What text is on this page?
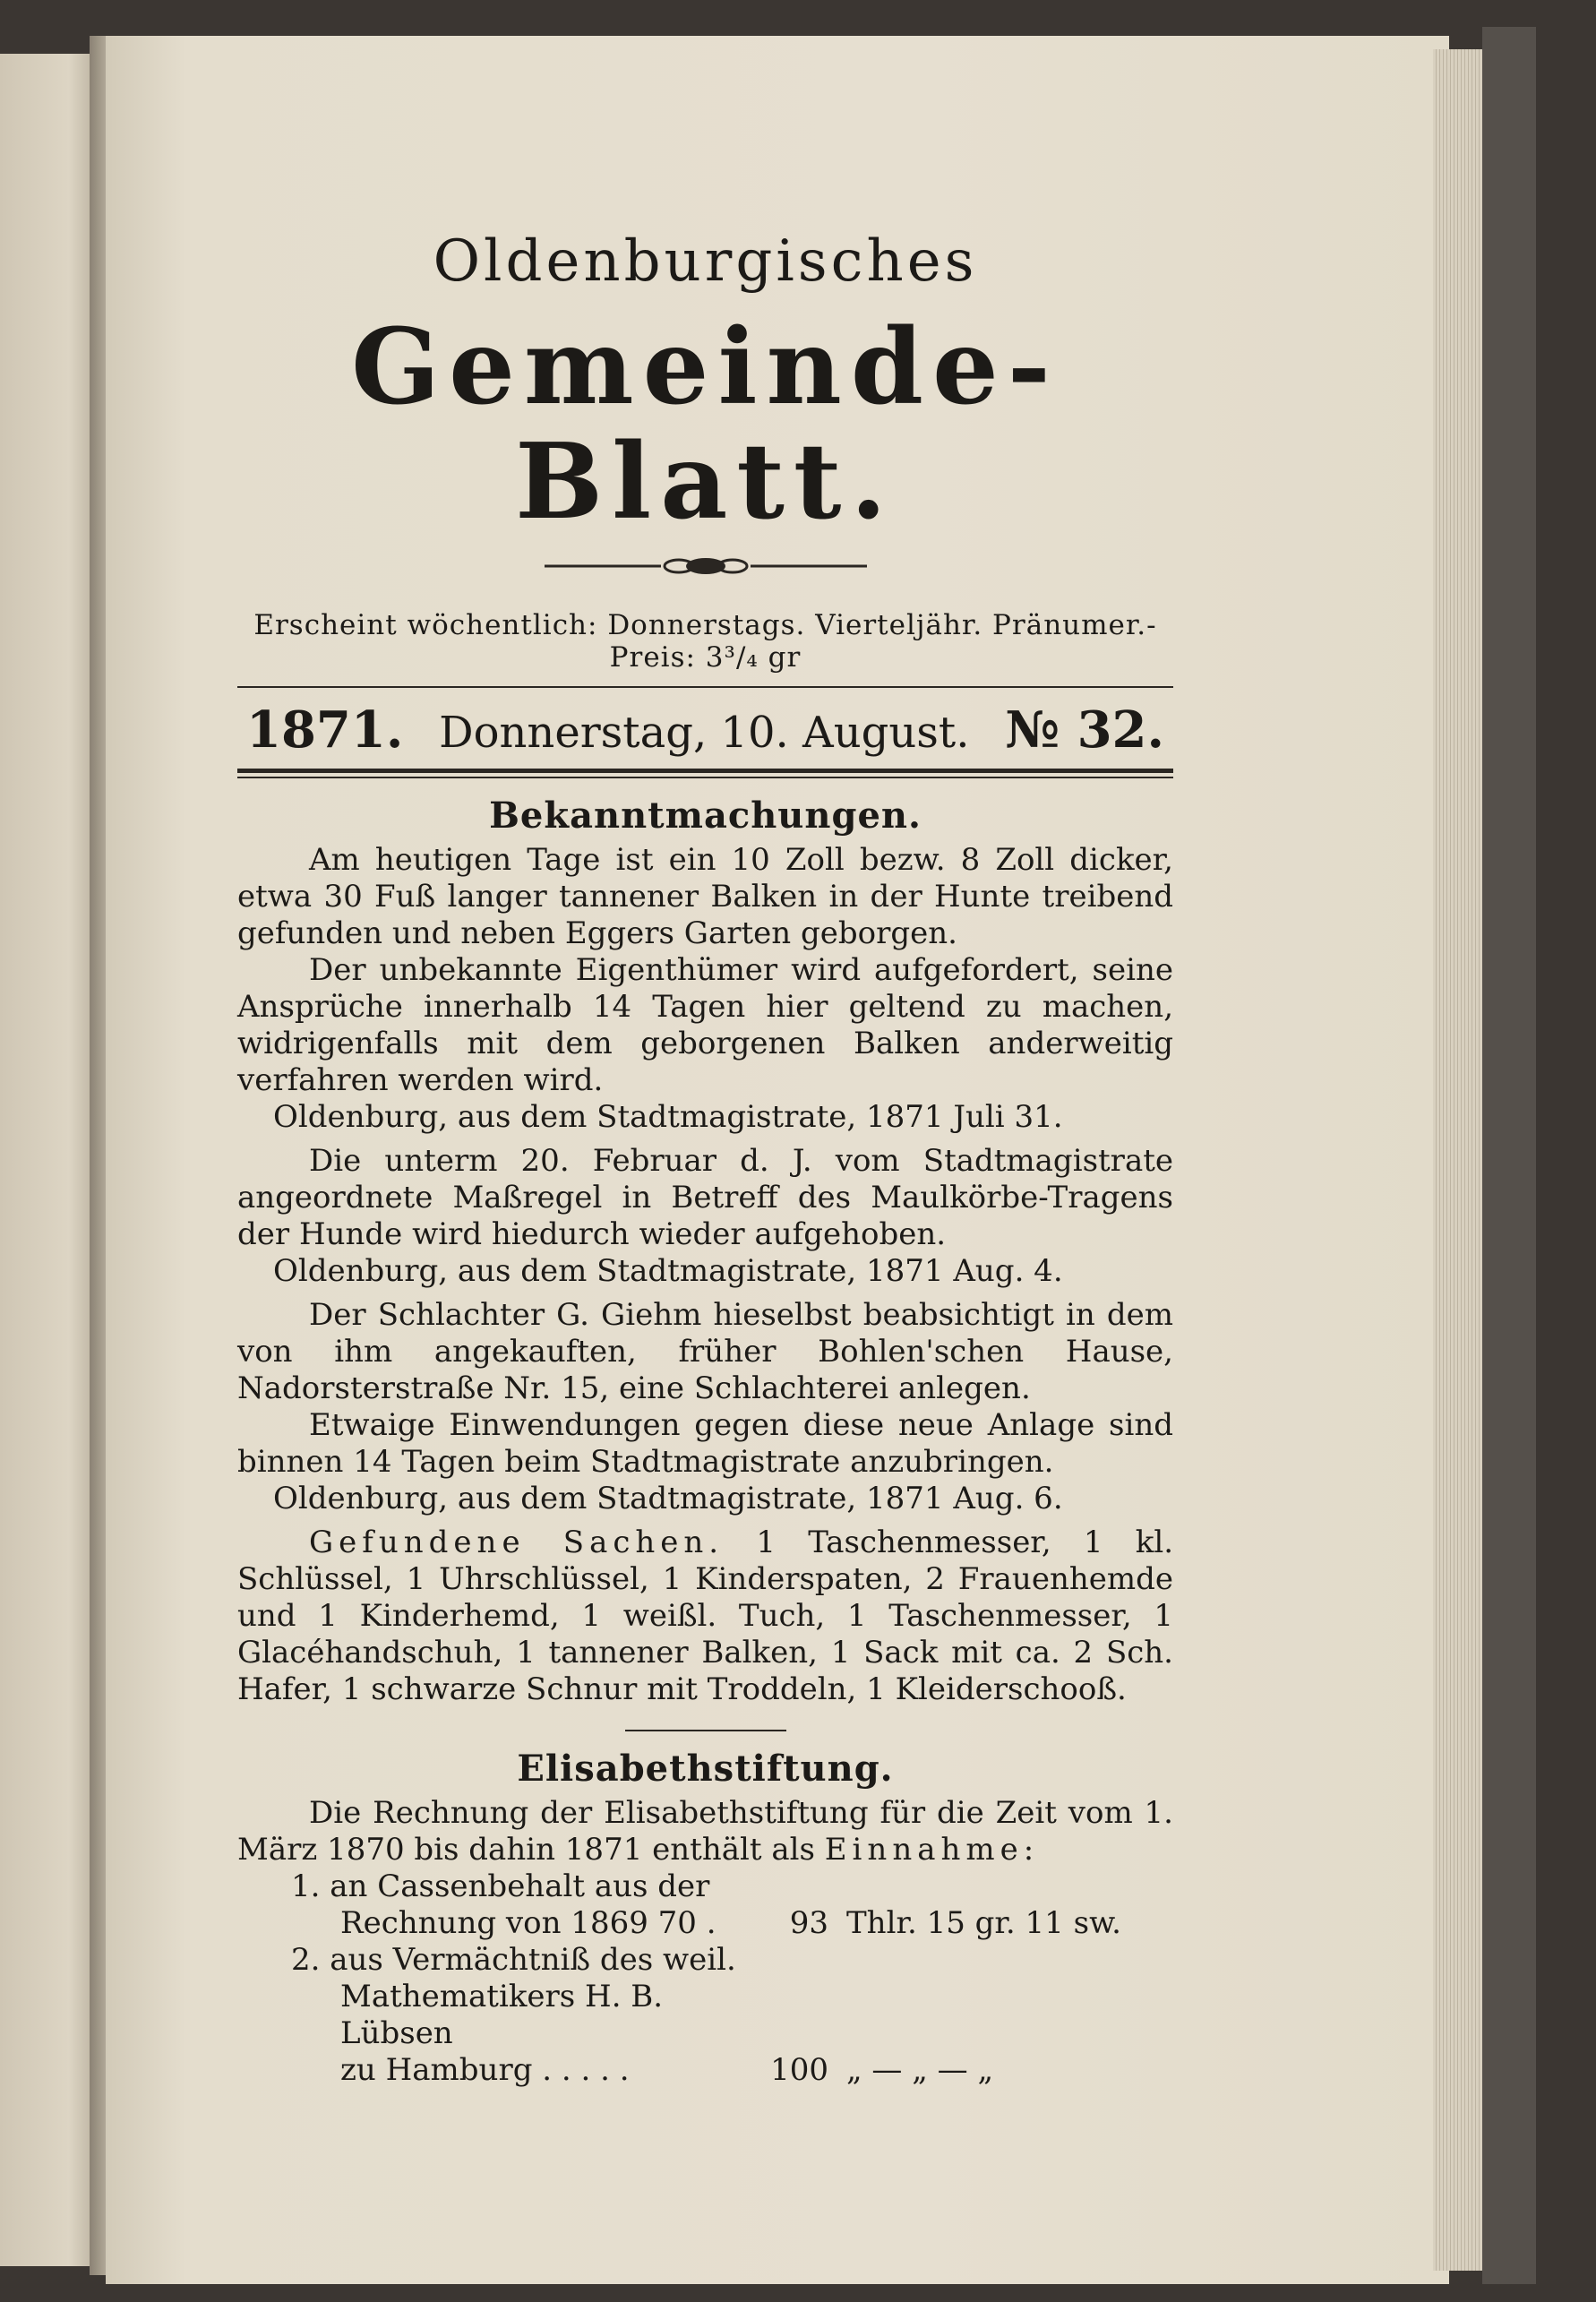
Oldenburgisches
Gemeinde-Blatt.
Erscheint wöchentlich: Donnerstags. Vierteljähr. Pränumer.-Preis: 3³/₄ gr
1871. Donnerstag, 10. August. № 32.
Bekanntmachungen.
Am heutigen Tage ist ein 10 Zoll bezw. 8 Zoll dicker, etwa 30 Fuß langer tannener Balken in der Hunte treibend gefunden und neben Eggers Garten geborgen.
Der unbekannte Eigenthümer wird aufgefordert, seine Ansprüche innerhalb 14 Tagen hier geltend zu machen, widrigenfalls mit dem geborgenen Balken anderweitig verfahren werden wird.
Oldenburg, aus dem Stadtmagistrate, 1871 Juli 31.
Die unterm 20. Februar d. J. vom Stadtmagistrate angeordnete Maßregel in Betreff des Maulkörbe-Tragens der Hunde wird hiedurch wieder aufgehoben.
Oldenburg, aus dem Stadtmagistrate, 1871 Aug. 4.
Der Schlachter G. Giehm hieselbst beabsichtigt in dem von ihm angekauften, früher Bohlen'schen Hause, Nadorsterstraße Nr. 15, eine Schlachterei anlegen.
Etwaige Einwendungen gegen diese neue Anlage sind binnen 14 Tagen beim Stadtmagistrate anzubringen.
Oldenburg, aus dem Stadtmagistrate, 1871 Aug. 6.
Gefundene Sachen. 1 Taschenmesser, 1 kl. Schlüssel, 1 Uhrschlüssel, 1 Kinderspaten, 2 Frauenhemde und 1 Kinderhemd, 1 weißl. Tuch, 1 Taschenmesser, 1 Glacéhandschuh, 1 tannener Balken, 1 Sack mit ca. 2 Sch. Hafer, 1 schwarze Schnur mit Troddeln, 1 Kleiderschooß.
Elisabethstiftung.
Die Rechnung der Elisabethstiftung für die Zeit vom 1. März 1870 bis dahin 1871 enthält als Einnahme:
1. an Cassenbehalt aus der
Rechnung von 1869 70 .	93 Thlr. 15 gr. 11 sw.
2. aus Vermächtniß des weil.
Mathematikers H. B. Lübsen
zu Hamburg . . . . .	100 „ — „ — „
